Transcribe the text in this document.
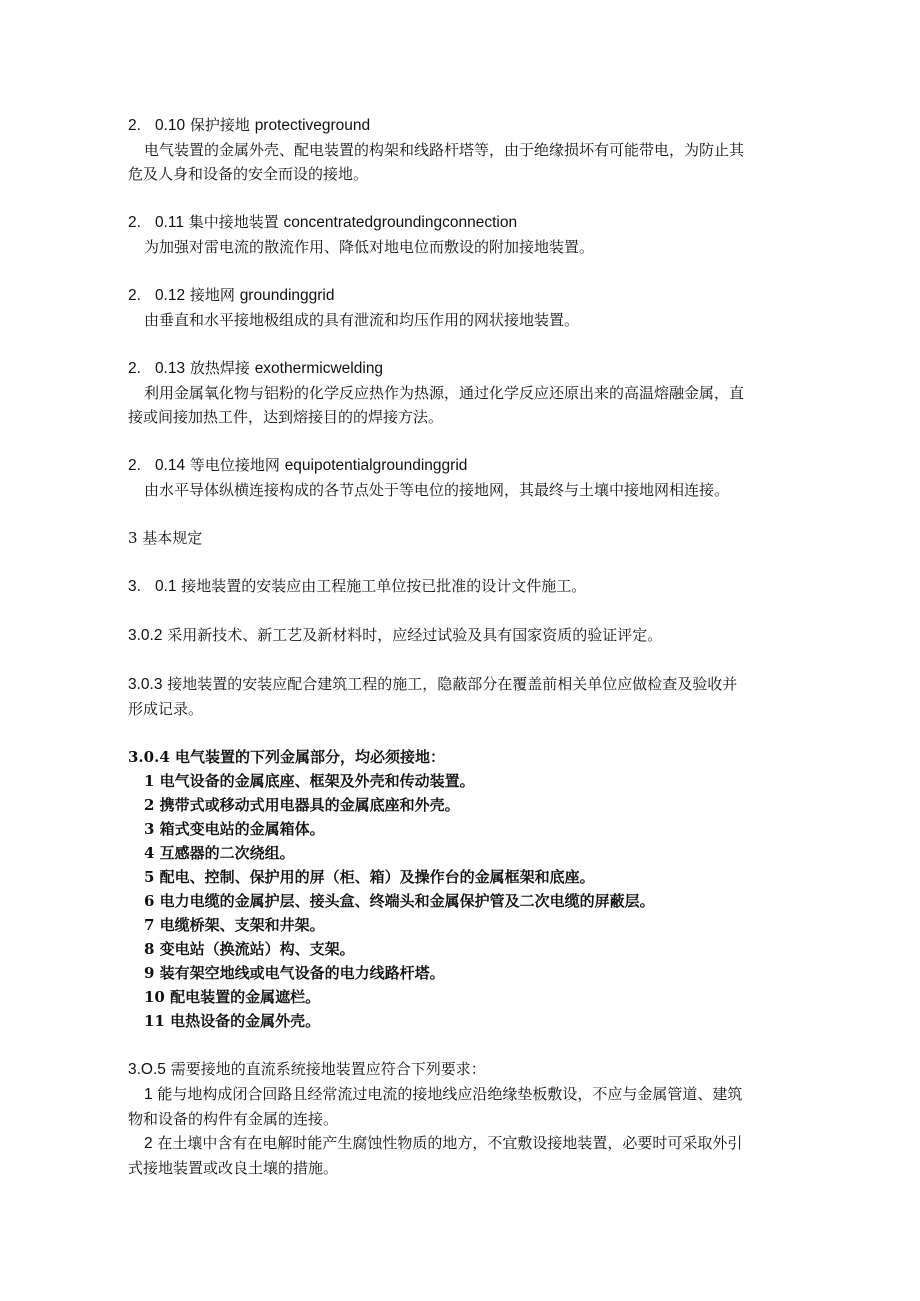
2. 0.10 保护接地 protectiveground
电气装置的金属外壳、配电装置的构架和线路杆塔等，由于绝缘损坏有可能带电，为防止其
危及人身和设备的安全而设的接地。
2. 0.11 集中接地装置 concentratedgroundingconnection
为加强对雷电流的散流作用、降低对地电位而敷设的附加接地装置。
2. 0.12 接地网 groundinggrid
由垂直和水平接地极组成的具有泄流和均压作用的网状接地装置。
2. 0.13 放热焊接 exothermicwelding
利用金属氧化物与铝粉的化学反应热作为热源，通过化学反应还原出来的高温熔融金属，直
接或间接加热工件，达到熔接目的的焊接方法。
2. 0.14 等电位接地网 equipotentialgroundinggrid
由水平导体纵横连接构成的各节点处于等电位的接地网，其最终与土壤中接地网相连接。
3 基本规定
3. 0.1 接地装置的安装应由工程施工单位按已批准的设计文件施工。
3.0.2 采用新技术、新工艺及新材料时，应经过试验及具有国家资质的验证评定。
3.0.3 接地装置的安装应配合建筑工程的施工，隐蔽部分在覆盖前相关单位应做检查及验收并
形成记录。
3.0.4 电气装置的下列金属部分，均必须接地：
1 电气设备的金属底座、框架及外壳和传动装置。
2 携带式或移动式用电器具的金属底座和外壳。
3 箱式变电站的金属箱体。
4 互感器的二次绕组。
5 配电、控制、保护用的屏（柜、箱）及操作台的金属框架和底座。
6 电力电缆的金属护层、接头盒、终端头和金属保护管及二次电缆的屏蔽层。
7 电缆桥架、支架和井架。
8 变电站（换流站）构、支架。
9 装有架空地线或电气设备的电力线路杆塔。
10 配电装置的金属遮栏。
11 电热设备的金属外壳。
3.O.5 需要接地的直流系统接地装置应符合下列要求：
1 能与地构成闭合回路且经常流过电流的接地线应沿绝缘垫板敷设，不应与金属管道、建筑
物和设备的构件有金属的连接。
2 在土壤中含有在电解时能产生腐蚀性物质的地方，不宜敷设接地装置，必要时可采取外引
式接地装置或改良土壤的措施。
